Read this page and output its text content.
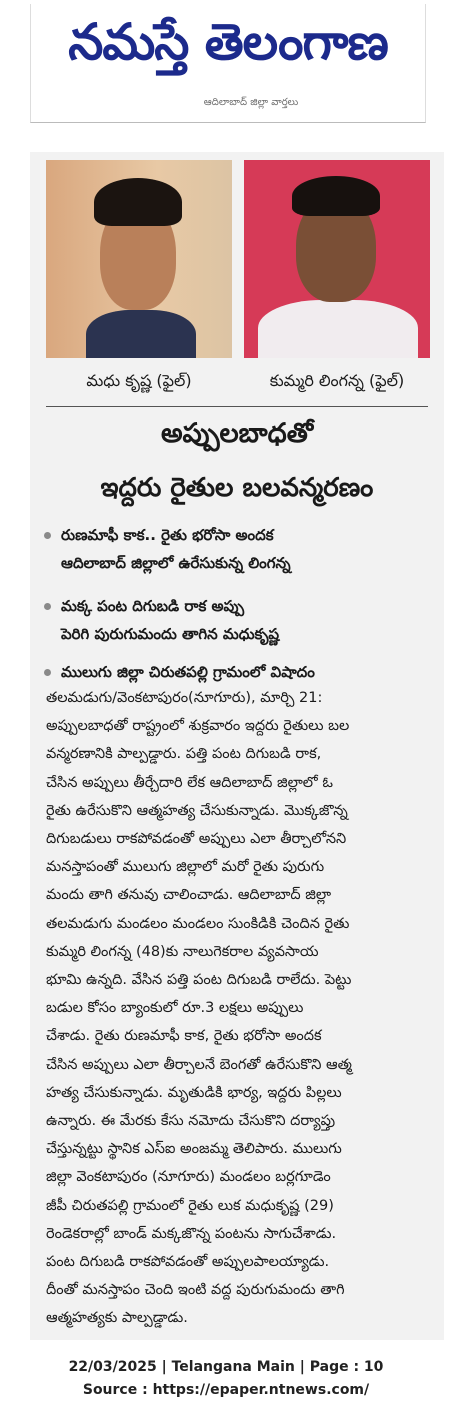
నమస్తే తెలంగాణ
ఆదిలాబాద్ జిల్లా వార్తలు
మధు కృష్ణ (ఫైల్)	కుమ్మరి లింగన్న (ఫైల్)
అప్పులబాధతో
ఇద్దరు రైతుల బలవన్మరణం
రుణమాఫీ కాక.. రైతు భరోసా అందక
ఆదిలాబాద్ జిల్లాలో ఉరేసుకున్న లింగన్న
మక్క పంట దిగుబడి రాక అప్పు
పెరిగి పురుగుమందు తాగిన మధుకృష్ణ
ములుగు జిల్లా చిరుతపల్లి గ్రామంలో విషాదం
తలమడుగు/వెంకటాపురం(నూగూరు), మార్చి 21:
అప్పులబాధతో రాష్ట్రంలో శుక్రవారం ఇద్దరు రైతులు బల
వన్మరణానికి పాల్పడ్డారు. పత్తి పంట దిగుబడి రాక,
చేసిన అప్పులు తీర్చేదారి లేక ఆదిలాబాద్ జిల్లాలో ఓ
రైతు ఉరేసుకొని ఆత్మహత్య చేసుకున్నాడు. మొక్కజొన్న
దిగుబడులు రాకపోవడంతో అప్పులు ఎలా తీర్చాలోనని
మనస్తాపంతో ములుగు జిల్లాలో మరో రైతు పురుగు
మందు తాగి తనువు చాలించాడు. ఆదిలాబాద్ జిల్లా
తలమడుగు మండలం మండలం సుంకిడికి చెందిన రైతు
కుమ్మరి లింగన్న (48)కు నాలుగెకరాల వ్యవసాయ
భూమి ఉన్నది. వేసిన పత్తి పంట దిగుబడి రాలేదు. పెట్టు
బడుల కోసం బ్యాంకులో రూ.3 లక్షలు అప్పులు
చేశాడు. రైతు రుణమాఫీ కాక, రైతు భరోసా అందక
చేసిన అప్పులు ఎలా తీర్చాలనే బెంగతో ఉరేసుకొని ఆత్మ
హత్య చేసుకున్నాడు. మృతుడికి భార్య, ఇద్దరు పిల్లలు
ఉన్నారు. ఈ మేరకు కేసు నమోదు చేసుకొని దర్యాప్తు
చేస్తున్నట్టు స్థానిక ఎస్ఐ అంజమ్మ తెలిపారు. ములుగు
జిల్లా వెంకటాపురం (నూగూరు) మండలం బర్లగూడెం
జీపీ చిరుతపల్లి గ్రామంలో రైతు లుక మధుకృష్ణ (29)
రెండెకరాల్లో బాండ్ మక్కజొన్న పంటను సాగుచేశాడు.
పంట దిగుబడి రాకపోవడంతో అప్పులపాలయ్యాడు.
దీంతో మనస్తాపం చెంది ఇంటి వద్ద పురుగుమందు తాగి
ఆత్మహత్యకు పాల్పడ్డాడు.
22/03/2025 | Telangana Main | Page : 10
Source : https://epaper.ntnews.com/
